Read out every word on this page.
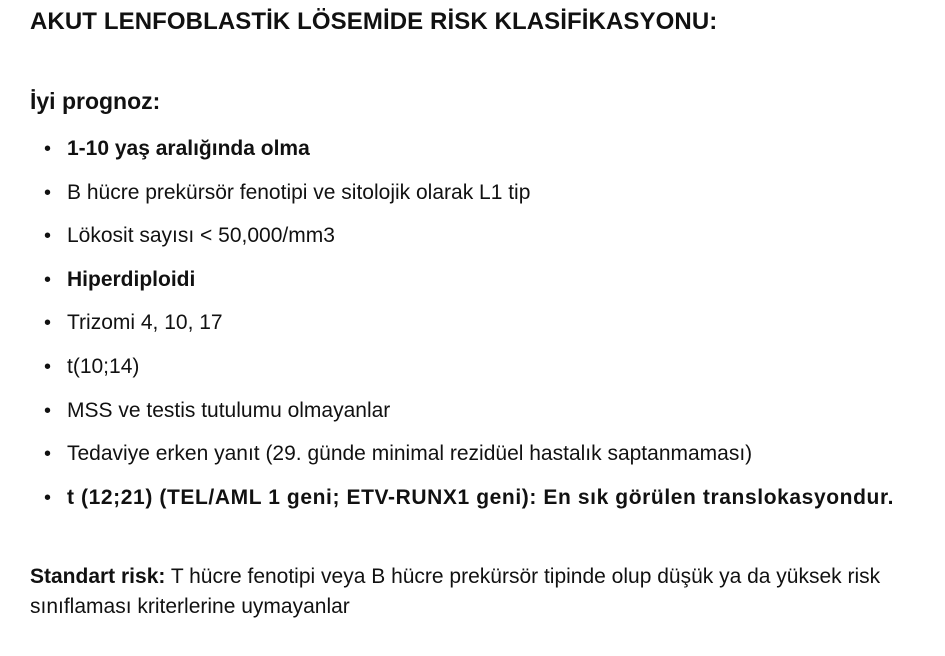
AKUT LENFOBLASTİK LÖSEMİDE RİSK KLASİFİKASYONU:
İyi prognoz:
• 1-10 yaş aralığında olma
• B hücre prekürsör fenotipi ve sitolojik olarak L1 tip
• Lökosit sayısı < 50,000/mm3
• Hiperdiploidi
• Trizomi 4, 10, 17
• t(10;14)
• MSS ve testis tutulumu olmayanlar
• Tedaviye erken yanıt (29. günde minimal rezidüel hastalık saptanmaması)
• t (12;21) (TEL/AML 1 geni; ETV-RUNX1 geni): En sık görülen translokasyondur.
Standart risk: T hücre fenotipi veya B hücre prekürsör tipinde olup düşük ya da yüksek risk sınıflaması kriterlerine uymayanlar
